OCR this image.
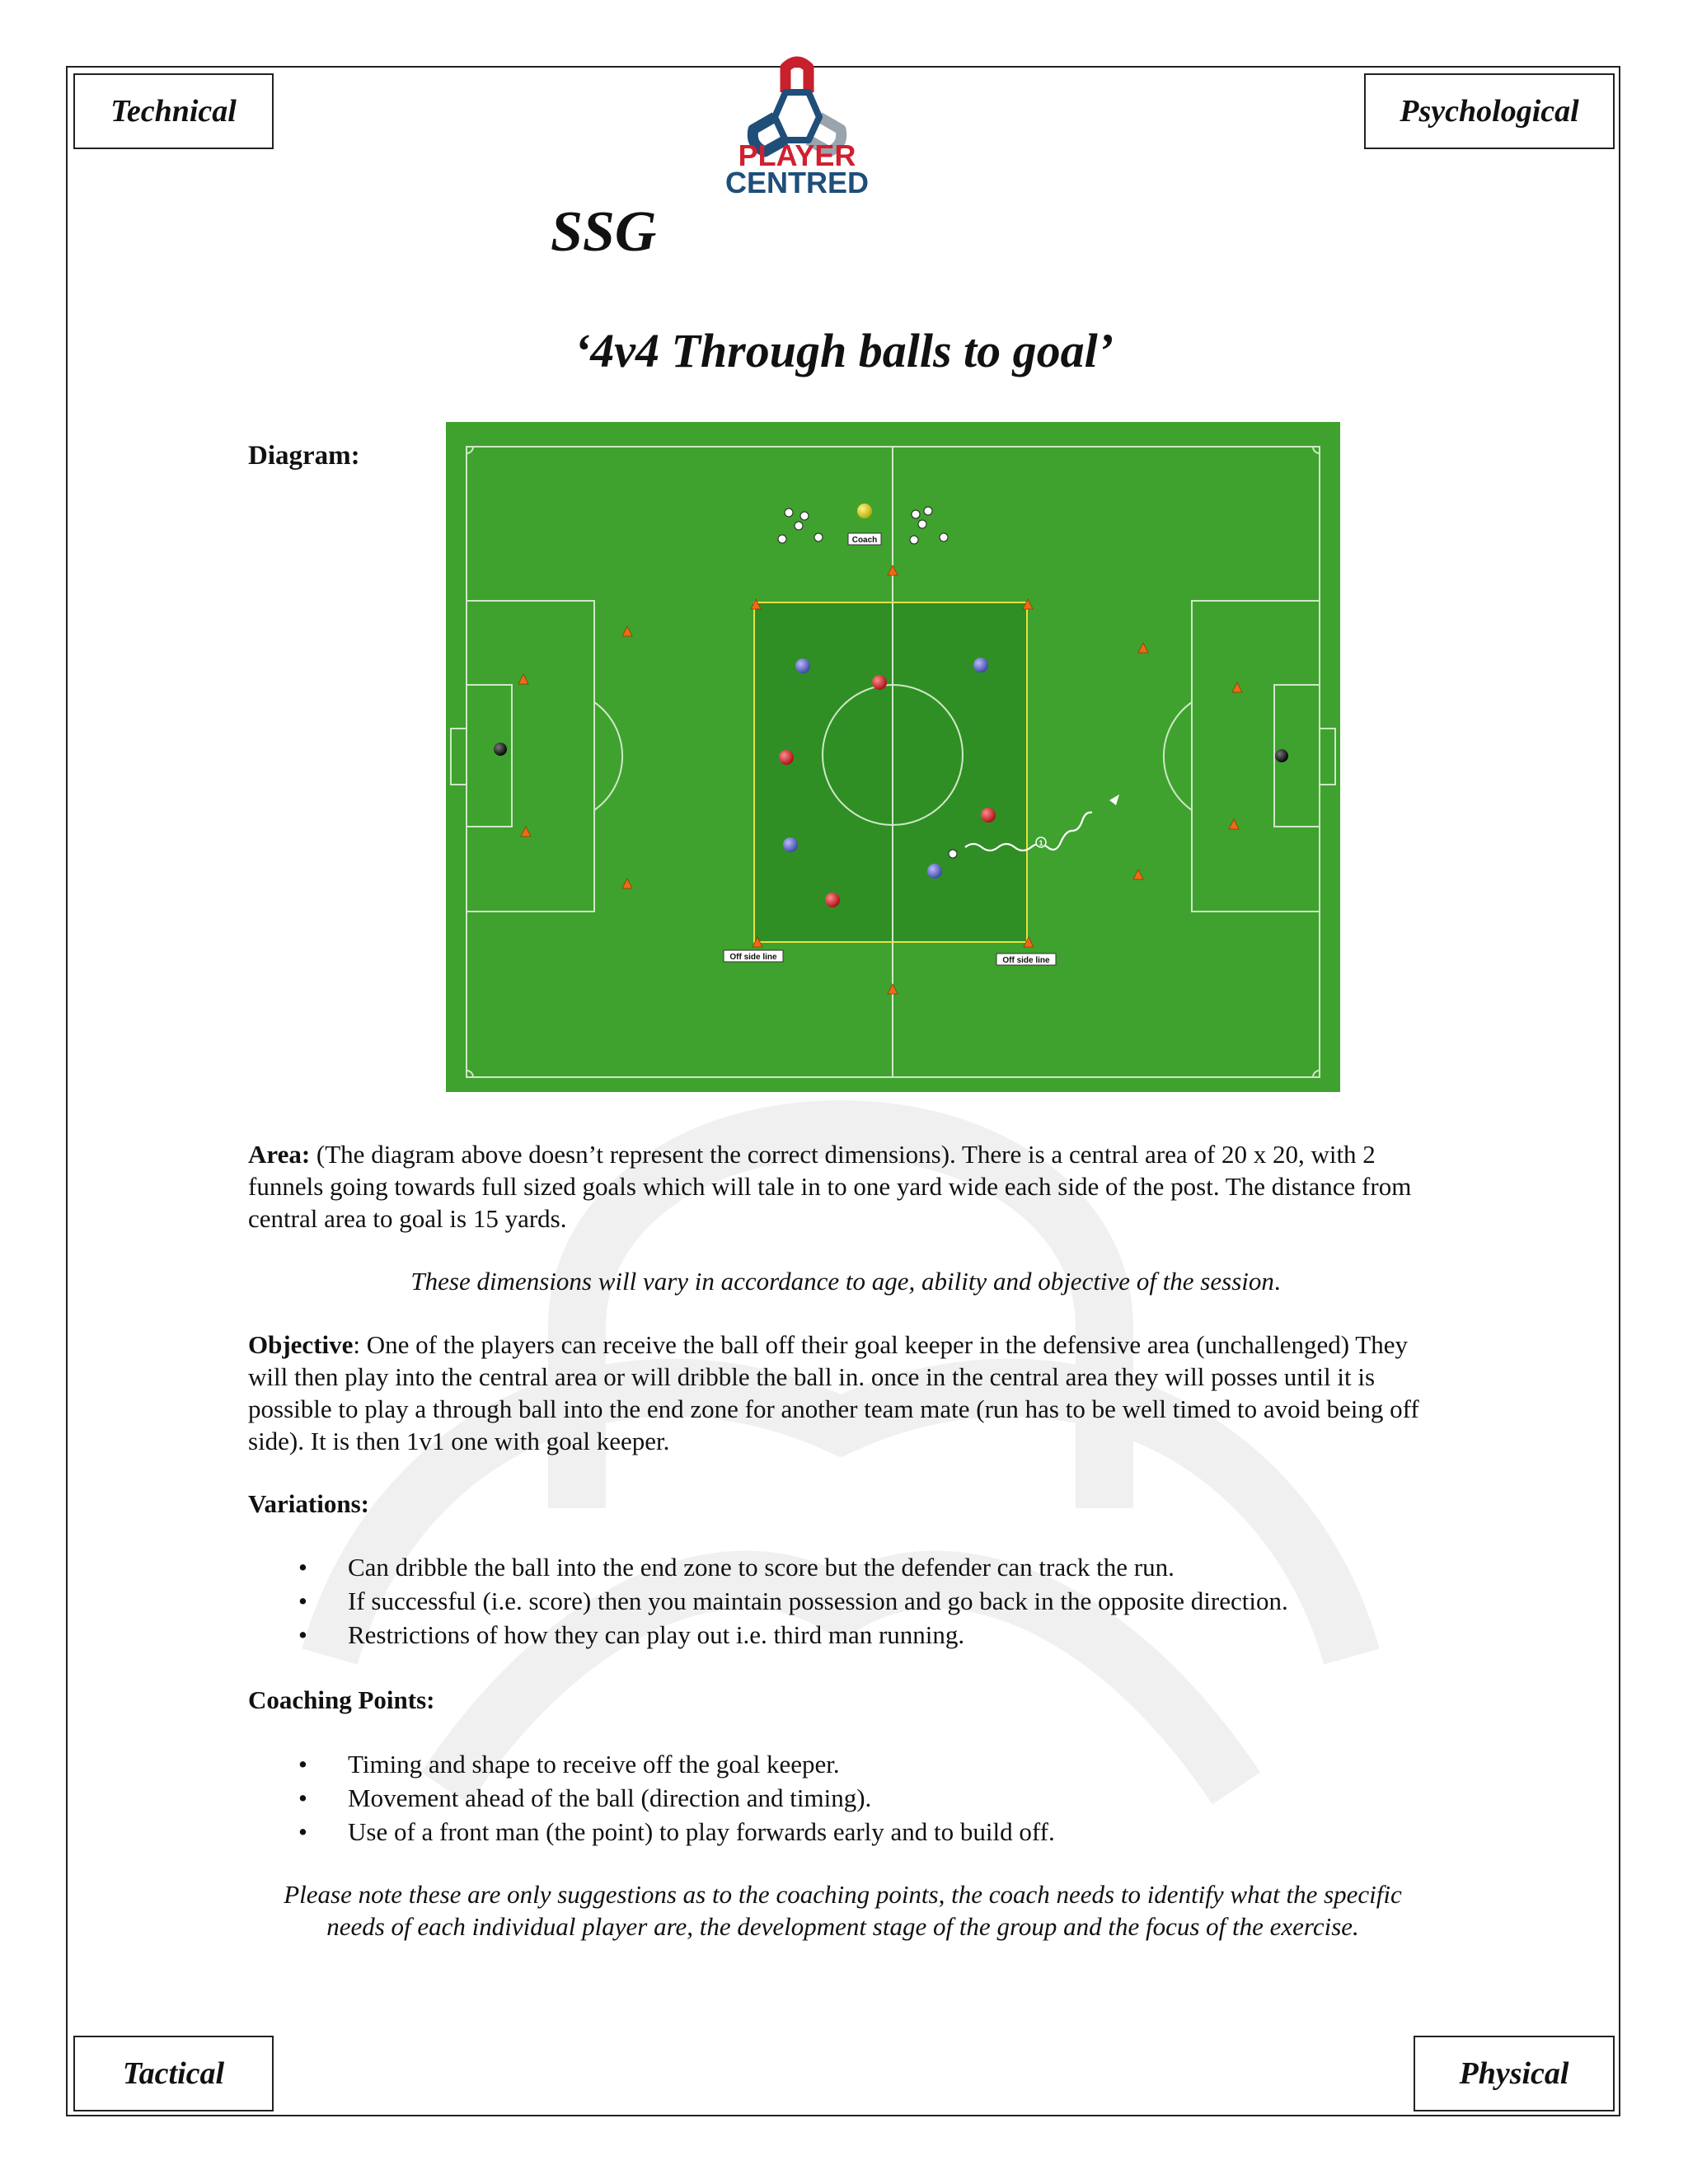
Technical	Psychological
Tactical	Physical
PLAYER
CENTRED
SSG
‘4v4 Through balls to goal’
Diagram:
Coach
1
Off side line	Off side line
Area: (The diagram above doesn’t represent the correct dimensions). There is a central area of 20 x 20, with 2 funnels going towards full sized goals which will tale in to one yard wide each side of the post. The distance from central area to goal is 15 yards.
These dimensions will vary in accordance to age, ability and objective of the session.
Objective: One of the players can receive the ball off their goal keeper in the defensive area (unchallenged) They will then play into the central area or will dribble the ball in. once in the central area they will posses until it is possible to play a through ball into the end zone for another team mate (run has to be well timed to avoid being off side). It is then 1v1 one with goal keeper.
Variations:
• Can dribble the ball into the end zone to score but the defender can track the run.
• If successful (i.e. score) then you maintain possession and go back in the opposite direction.
• Restrictions of how they can play out i.e. third man running.
Coaching Points:
• Timing and shape to receive off the goal keeper.
• Movement ahead of the ball (direction and timing).
• Use of a front man (the point) to play forwards early and to build off.
Please note these are only suggestions as to the coaching points, the coach needs to identify what the specific needs of each individual player are, the development stage of the group and the focus of the exercise.
